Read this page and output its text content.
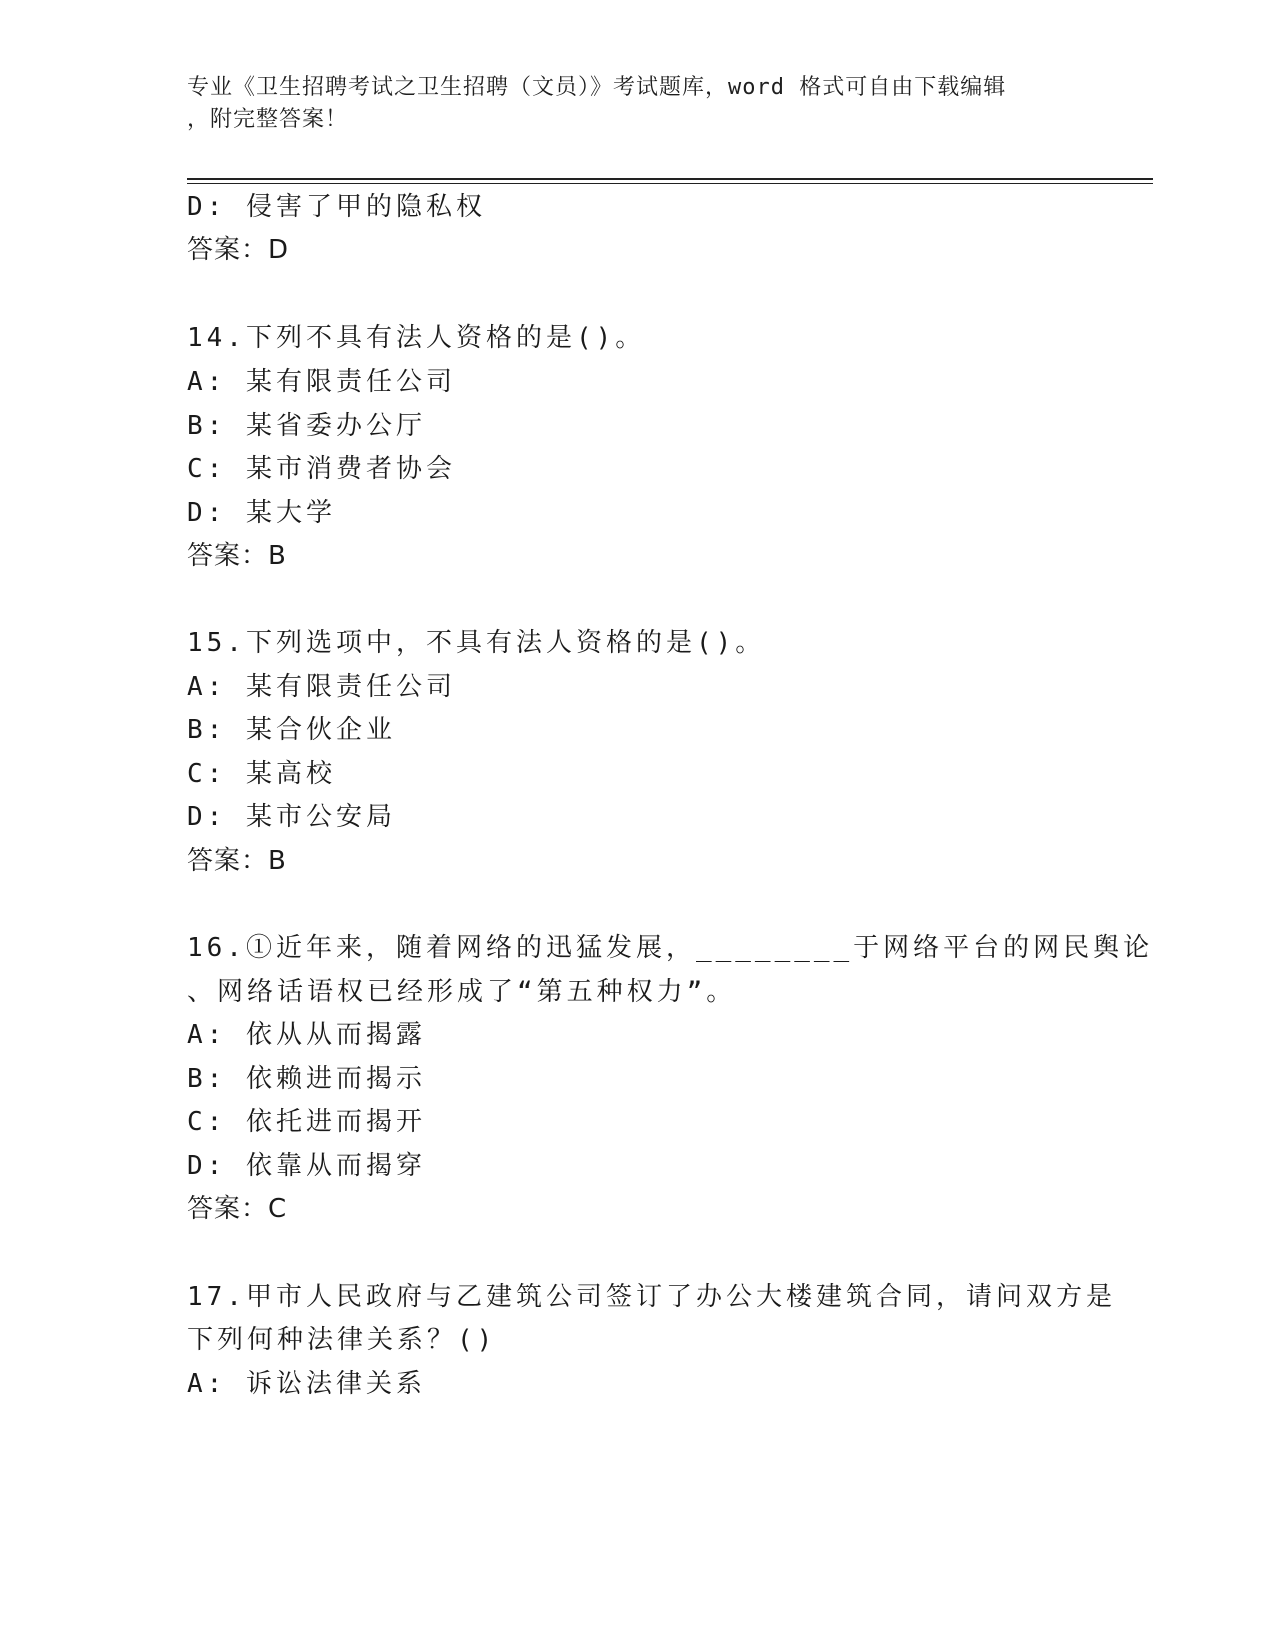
专业《卫生招聘考试之卫生招聘（文员）》考试题库，word 格式可自由下载编辑
，附完整答案！
D: 侵害了甲的隐私权
答案：D
14.下列不具有法人资格的是()。
A: 某有限责任公司
B: 某省委办公厅
C: 某市消费者协会
D: 某大学
答案：B
15.下列选项中，不具有法人资格的是()。
A: 某有限责任公司
B: 某合伙企业
C: 某高校
D: 某市公安局
答案：B
16.①近年来，随着网络的迅猛发展，________于网络平台的网民舆论
、网络话语权已经形成了“第五种权力”。
A: 依从从而揭露
B: 依赖进而揭示
C: 依托进而揭开
D: 依靠从而揭穿
答案：C
17.甲市人民政府与乙建筑公司签订了办公大楼建筑合同，请问双方是
下列何种法律关系？()
A: 诉讼法律关系
